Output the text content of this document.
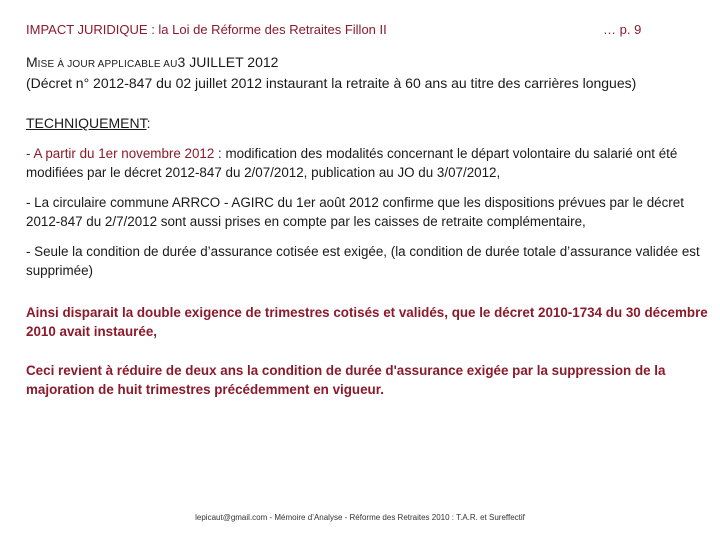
IMPACT JURIDIQUE : la Loi de Réforme des Retraites Fillon II	… p. 9
MISE À JOUR APPLICABLE AU3 JUILLET 2012
(Décret n° 2012-847 du 02 juillet 2012 instaurant la retraite à 60 ans au titre des carrières longues)
TECHNIQUEMENT:
- A partir du 1er novembre 2012 : modification des modalités concernant le départ volontaire du salarié ont été modifiées par le décret 2012-847 du 2/07/2012, publication au JO du 3/07/2012,
- La circulaire commune ARRCO - AGIRC du 1er août 2012 confirme que les dispositions prévues par le décret 2012-847 du 2/7/2012 sont aussi prises en compte par les caisses de retraite complémentaire,
- Seule la condition de durée d’assurance cotisée est exigée, (la condition de durée totale d’assurance validée est supprimée)
Ainsi disparait la double exigence de trimestres cotisés et validés, que le décret 2010-1734 du 30 décembre 2010 avait instaurée,
Ceci revient à réduire de deux ans la condition de durée d'assurance exigée par la suppression de la majoration de huit trimestres précédemment en vigueur.
lepicaut@gmail.com - Mémoire d’Analyse - Réforme des Retraites 2010 : T.A.R. et Sureffectif
